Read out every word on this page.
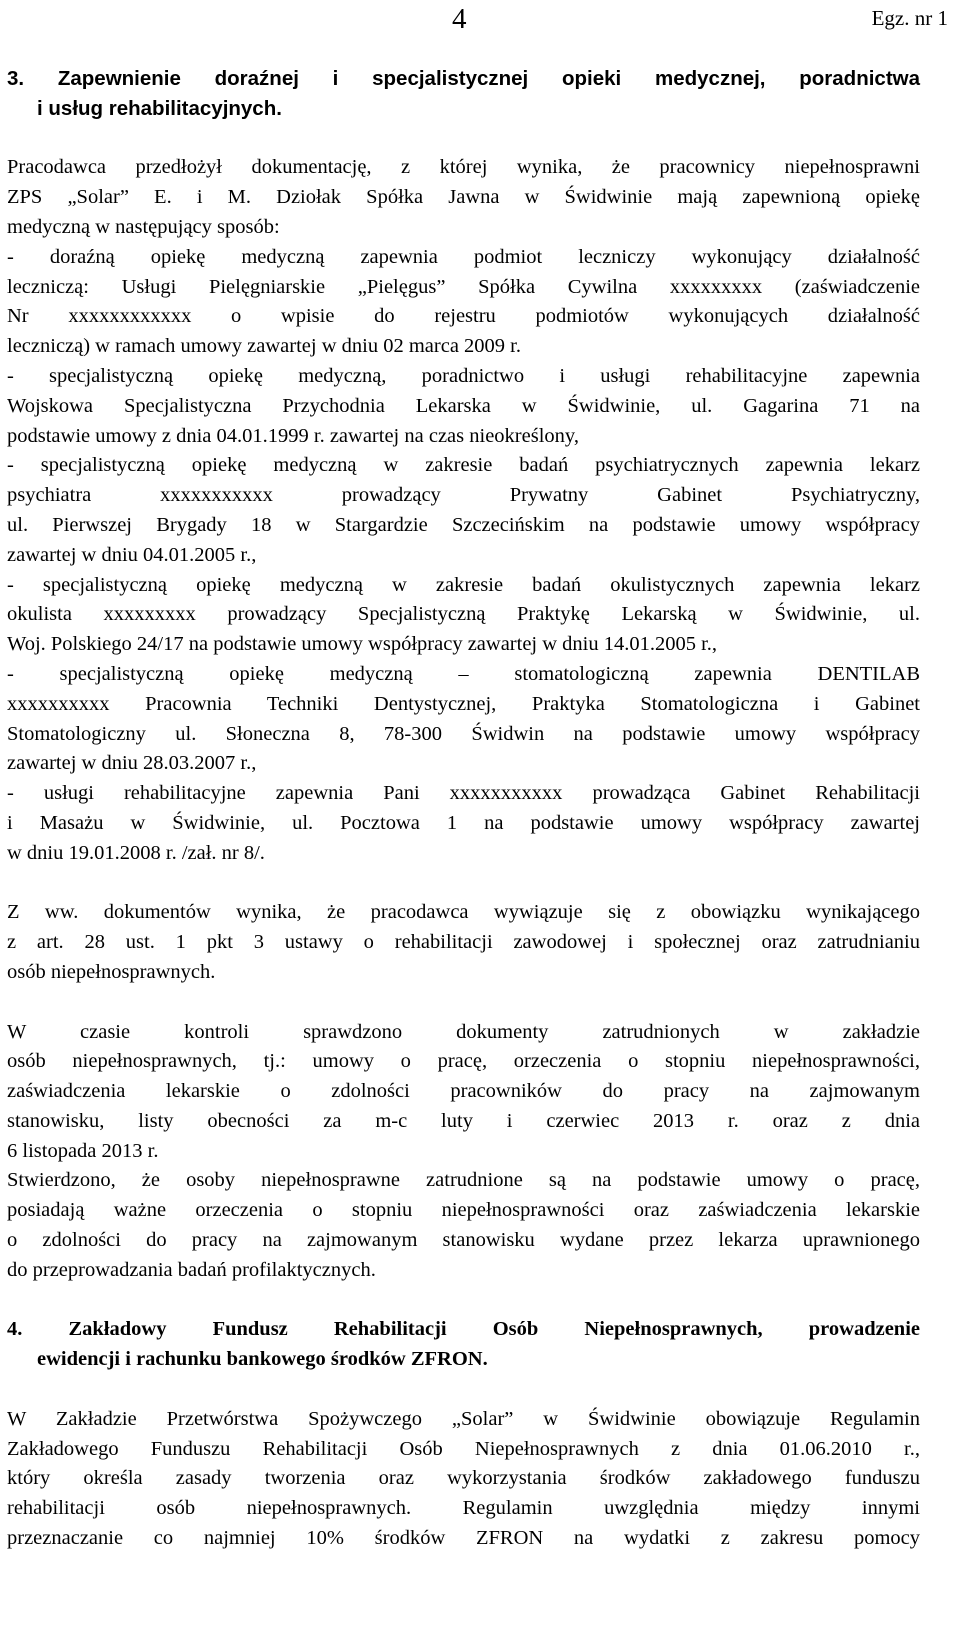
4	Egz. nr 1
3. Zapewnienie doraźnej i specjalistycznej opieki medycznej, poradnictwa
i usług rehabilitacyjnych.
Pracodawca przedłożył dokumentację, z której wynika, że pracownicy niepełnosprawni
ZPS „Solar” E. i M. Dziołak Spółka Jawna w Świdwinie mają zapewnioną opiekę
medyczną w następujący sposób:
- doraźną opiekę medyczną zapewnia podmiot leczniczy wykonujący działalność
leczniczą: Usługi Pielęgniarskie „Pielęgus” Spółka Cywilna xxxxxxxxx (zaświadczenie
Nr xxxxxxxxxxxx o wpisie do rejestru podmiotów wykonujących działalność
leczniczą) w ramach umowy zawartej w dniu 02 marca 2009 r.
- specjalistyczną opiekę medyczną, poradnictwo i usługi rehabilitacyjne zapewnia
Wojskowa Specjalistyczna Przychodnia Lekarska w Świdwinie, ul. Gagarina 71 na
podstawie umowy z dnia 04.01.1999 r. zawartej na czas nieokreślony,
- specjalistyczną opiekę medyczną w zakresie badań psychiatrycznych zapewnia lekarz
psychiatra xxxxxxxxxxx prowadzący Prywatny Gabinet Psychiatryczny,
ul. Pierwszej Brygady 18 w Stargardzie Szczecińskim na podstawie umowy współpracy
zawartej w dniu 04.01.2005 r.,
- specjalistyczną opiekę medyczną w zakresie badań okulistycznych zapewnia lekarz
okulista xxxxxxxxx prowadzący Specjalistyczną Praktykę Lekarską w Świdwinie, ul.
Woj. Polskiego 24/17 na podstawie umowy współpracy zawartej w dniu 14.01.2005 r.,
- specjalistyczną opiekę medyczną – stomatologiczną zapewnia DENTILAB
xxxxxxxxxx Pracownia Techniki Dentystycznej, Praktyka Stomatologiczna i Gabinet
Stomatologiczny ul. Słoneczna 8, 78-300 Świdwin na podstawie umowy współpracy
zawartej w dniu 28.03.2007 r.,
- usługi rehabilitacyjne zapewnia Pani xxxxxxxxxxx prowadząca Gabinet Rehabilitacji
i Masażu w Świdwinie, ul. Pocztowa 1 na podstawie umowy współpracy zawartej
w dniu 19.01.2008 r. /zał. nr 8/.
Z ww. dokumentów wynika, że pracodawca wywiązuje się z obowiązku wynikającego
z art. 28 ust. 1 pkt 3 ustawy o rehabilitacji zawodowej i społecznej oraz zatrudnianiu
osób niepełnosprawnych.
W czasie kontroli sprawdzono dokumenty zatrudnionych w zakładzie
osób niepełnosprawnych, tj.: umowy o pracę, orzeczenia o stopniu niepełnosprawności,
zaświadczenia lekarskie o zdolności pracowników do pracy na zajmowanym
stanowisku, listy obecności za m-c luty i czerwiec 2013 r. oraz z dnia
6 listopada 2013 r.
Stwierdzono, że osoby niepełnosprawne zatrudnione są na podstawie umowy o pracę,
posiadają ważne orzeczenia o stopniu niepełnosprawności oraz zaświadczenia lekarskie
o zdolności do pracy na zajmowanym stanowisku wydane przez lekarza uprawnionego
do przeprowadzania badań profilaktycznych.
4. Zakładowy Fundusz Rehabilitacji Osób Niepełnosprawnych, prowadzenie
ewidencji i rachunku bankowego środków ZFRON.
W Zakładzie Przetwórstwa Spożywczego „Solar” w Świdwinie obowiązuje Regulamin
Zakładowego Funduszu Rehabilitacji Osób Niepełnosprawnych z dnia 01.06.2010 r.,
który określa zasady tworzenia oraz wykorzystania środków zakładowego funduszu
rehabilitacji osób niepełnosprawnych. Regulamin uwzględnia między innymi
przeznaczanie co najmniej 10% środków ZFRON na wydatki z zakresu pomocy
